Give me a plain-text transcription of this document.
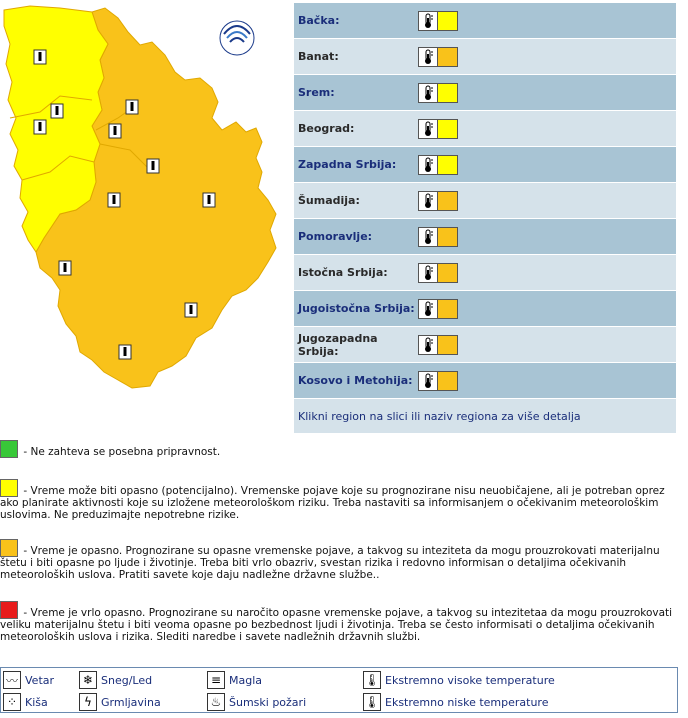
Bačka:
Banat:
Srem:
Beograd:
Zapadna Srbija:
Šumadija:
Pomoravlje:
Istočna Srbija:
Jugoistočna Srbija:
Jugozapadna Srbija:
Kosovo i Metohija:
Klikni region na slici ili naziv regiona za više detalja
- Ne zahteva se posebna pripravnost.
- Vreme može biti opasno (potencijalno). Vremenske pojave koje su prognozirane nisu neuobičajene, ali je potreban oprez ako planirate aktivnosti koje su izložene meteorološkom riziku. Treba nastaviti sa informisanjem o očekivanim meteorološkim uslovima. Ne preduzimajte nepotrebne rizike.
- Vreme je opasno. Prognozirane su opasne vremenske pojave, a takvog su inteziteta da mogu prouzrokovati materijalnu štetu i biti opasne po ljude i životinje. Treba biti vrlo obazriv, svestan rizika i redovno informisan o detaljima očekivanih meteoroloških uslova. Pratiti savete koje daju nadležne državne službe..
- Vreme je vrlo opasno. Prognozirane su naročito opasne vremenske pojave, a takvog su intezitetaa da mogu prouzrokovati veliku materijalnu štetu i biti veoma opasne po bezbednost ljudi i životinja. Treba se često informisati o detaljima očekivanih meteoroloških uslova i rizika. Slediti naredbe i savete nadležnih državnih službi.
〰 Vetar	❄ Sneg/Led	≡ Magla	🌡 Ekstremno visoke temperature
⁘ Kiša	ϟ Grmljavina	♨ Šumski požari	🌡 Ekstremno niske temperature
